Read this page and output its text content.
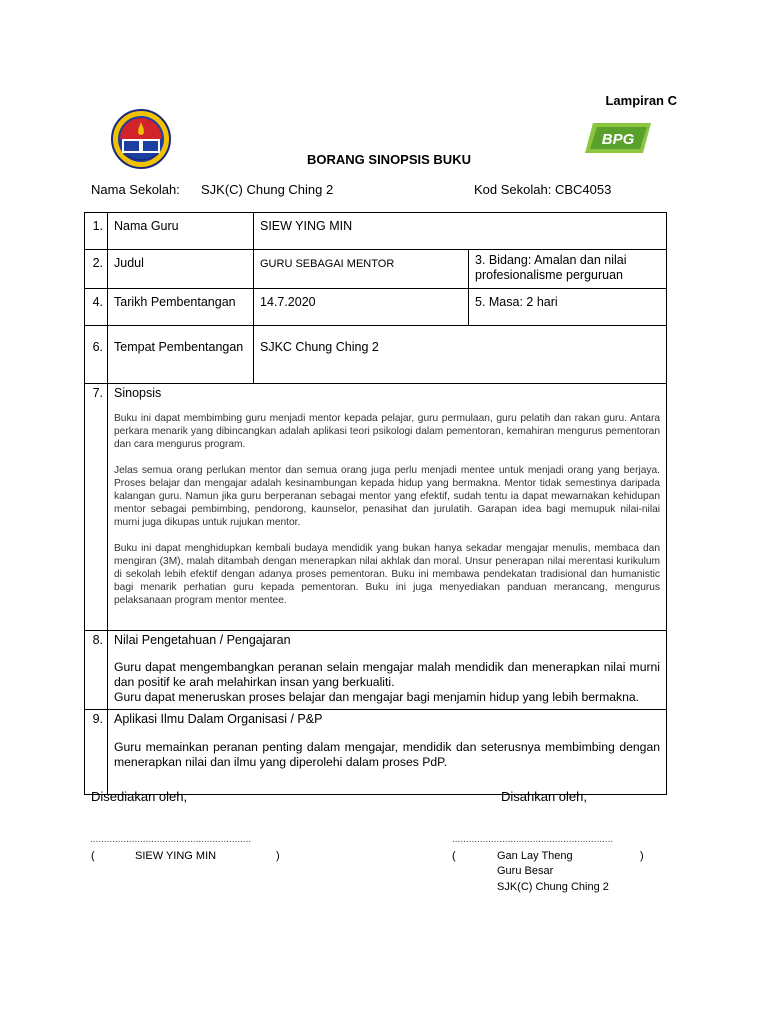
Lampiran C
BPG
BORANG SINOPSIS BUKU
Nama Sekolah:	SJK(C) Chung Ching 2	Kod Sekolah: CBC4053
1.	Nama Guru	SIEW YING MIN	
2.	Judul	GURU SEBAGAI MENTOR	3. Bidang: Amalan dan nilai profesionalisme perguruan
4.	Tarikh Pembentangan	14.7.2020	5. Masa: 2 hari
6.	Tempat Pembentangan	SJKC Chung Ching 2	
7.	Sinopsis

Buku ini dapat membimbing guru menjadi mentor kepada pelajar, guru permulaan, guru pelatih dan rakan guru. Antara perkara menarik yang dibincangkan adalah aplikasi teori psikologi dalam pementoran, kemahiran mengurus pementoran dan cara mengurus program.

Jelas semua orang perlukan mentor dan semua orang juga perlu menjadi mentee untuk menjadi orang yang berjaya. Proses belajar dan mengajar adalah kesinambungan kepada hidup yang bermakna. Mentor tidak semestinya daripada kalangan guru. Namun jika guru berperanan sebagai mentor yang efektif, sudah tentu ia dapat mewarnakan kehidupan mentor sebagai pembimbing, pendorong, kaunselor, penasihat dan jurulatih. Garapan idea bagi memupuk nilai-nilai murni juga dikupas untuk rujukan mentor.

Buku ini dapat menghidupkan kembali budaya mendidik yang bukan hanya sekadar mengajar menulis, membaca dan mengiran (3M), malah ditambah dengan menerapkan nilai akhlak dan moral. Unsur penerapan nilai merentasi kurikulum di sekolah lebih efektif dengan adanya proses pementoran. Buku ini membawa pendekatan tradisional dan humanistic bagi menarik perhatian guru kepada pementoran. Buku ini juga menyediakan panduan merancang, mengurus pelaksanaan program mentor mentee.		

8.	Nilai Pengetahuan / Pengajaran

Guru dapat mengembangkan peranan selain mengajar malah mendidik dan menerapkan nilai murni dan positif ke arah melahirkan insan yang berkualiti.

Guru dapat meneruskan proses belajar dan mengajar bagi menjamin hidup yang lebih bermakna.		

9.	Aplikasi Ilmu Dalam Organisasi / P&P

Guru memainkan peranan penting dalam mengajar, mendidik dan seterusnya membimbing dengan menerapkan nilai dan ilmu yang diperolehi dalam proses PdP.		

Disediakan oleh,	Disahkan oleh,
..........................................................	..........................................................
(	SIEW YING MIN	)	(	Gan Lay Theng	)
Guru Besar
SJK(C) Chung Ching 2
